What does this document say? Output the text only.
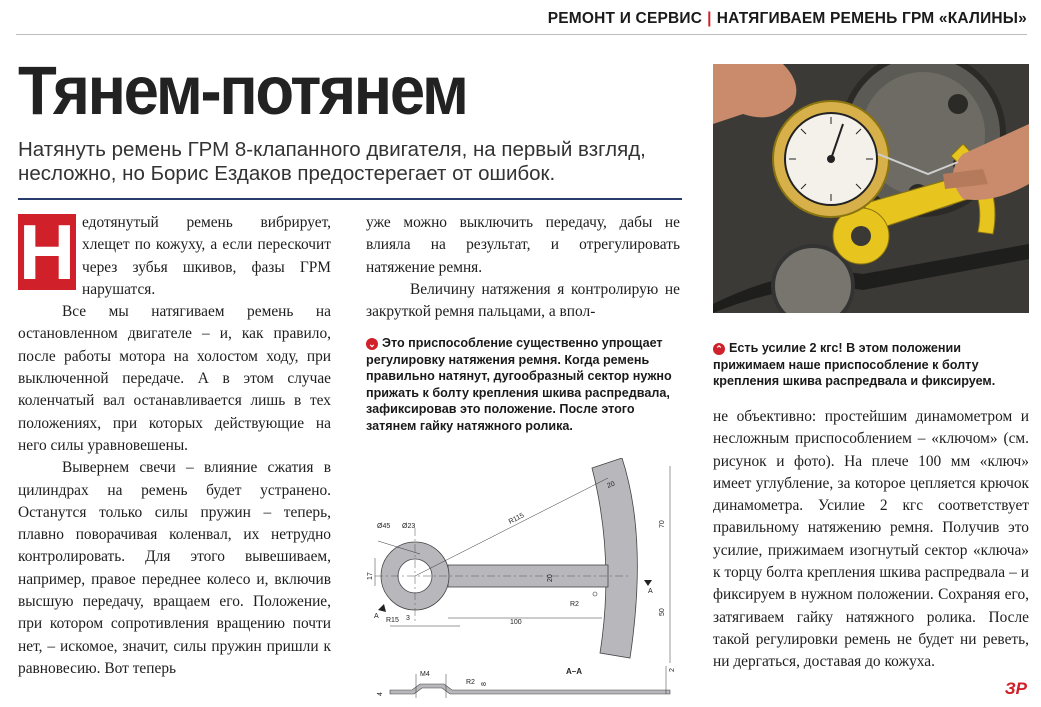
РЕМОНТ И СЕРВИС | НАТЯГИВАЕМ РЕМЕНЬ ГРМ «КАЛИНЫ»
Тянем-потянем
Натянуть ремень ГРМ 8-клапанного двигателя, на первый взгляд, несложно, но Борис Ездаков предостерегает от ошибок.
Н едотянутый ремень вибрирует, хлещет по кожуху, а если перескочит через зубья шкивов, фазы ГРМ нарушатся.

Все мы натягиваем ремень на остановленном двигателе – и, как правило, после работы мотора на холостом ходу, при выключенной передаче. А в этом случае коленчатый вал останавливается лишь в тех положениях, при которых действующие на него силы уравновешены.

Вывернем свечи – влияние сжатия в цилиндрах на ремень будет устранено. Останутся только силы пружин – теперь, плавно поворачивая коленвал, их нетрудно контролировать. Для этого вывешиваем, например, правое переднее колесо и, включив высшую передачу, вращаем его. Положение, при котором сопротивления вращению почти нет, – искомое, значит, силы пружин пришли к равновесию. Вот теперь

уже можно выключить передачу, дабы не влияла на результат, и отрегулировать натяжение ремня.

Величину натяжения я контролирую не закруткой ремня пальцами, а впол-

⌄ Это приспособление существенно упрощает регулировку натяжения ремня. Когда ремень правильно натянут, дугообразный сектор нужно прижать к болту крепления шкива распредвала, зафиксировав это положение. После этого затянем гайку натяжного ролика.
Ø45 Ø23
R115
20
70
17	20
R2
A
R15 3
100
50
A
M4
R2 8
2
4
A–A
⌃ Есть усилие 2 кгс! В этом положении прижимаем наше приспособление к болту крепления шкива распредвала и фиксируем.

не объективно: простейшим динамометром и несложным приспособлением – «ключом» (см. рисунок и фото). На плече 100 мм «ключ» имеет углубление, за которое цепляется крючок динамометра. Усилие 2 кгс соответствует правильному натяжению ремня. Получив это усилие, прижимаем изогнутый сектор «ключа» к торцу болта крепления шкива распредвала – и фиксируем в нужном положении. Сохраняя его, затягиваем гайку натяжного ролика. После такой регулировки ремень не будет ни реветь, ни дергаться, доставая до кожуха.

ЗР
